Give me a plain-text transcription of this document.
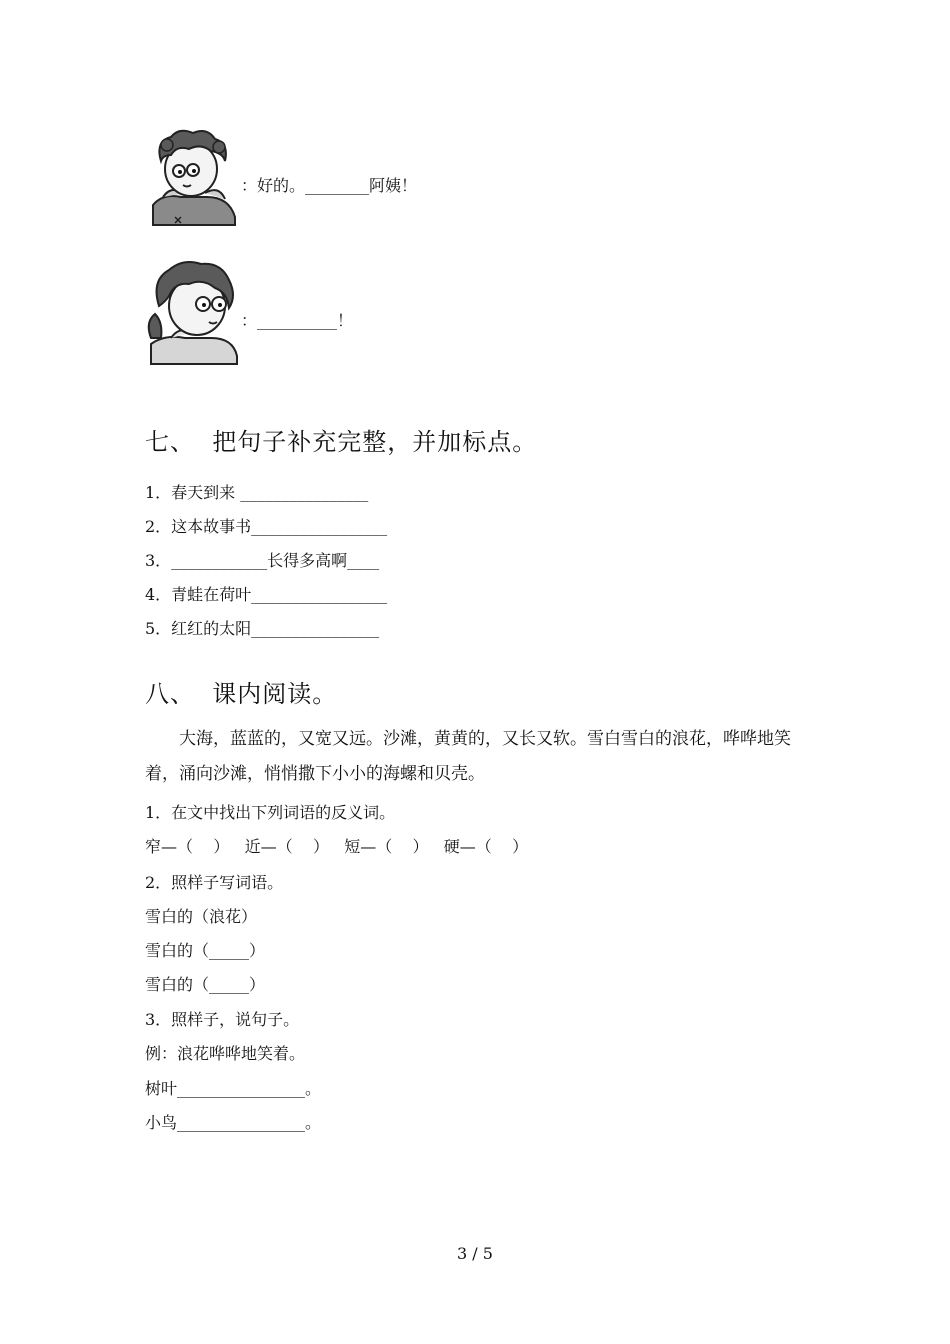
：好的。________阿姨！
：__________！
七、  把句子补充完整，并加标点。
1．春天到来 ________________
2．这本故事书_________________
3．____________长得多高啊____
4．青蛙在荷叶_________________
5．红红的太阳________________
八、  课内阅读。
大海，蓝蓝的，又宽又远。沙滩，黄黄的，又长又软。雪白雪白的浪花，哗哗地笑着，涌向沙滩，悄悄撒下小小的海螺和贝壳。
1．在文中找出下列词语的反义词。
窄—（    ）   近—（    ）   短—（    ）   硬—（    ）
2．照样子写词语。
雪白的（浪花）
雪白的（_____）
雪白的（_____）
3．照样子，说句子。
例：浪花哗哗地笑着。
树叶________________。
小鸟________________。
3 / 5
